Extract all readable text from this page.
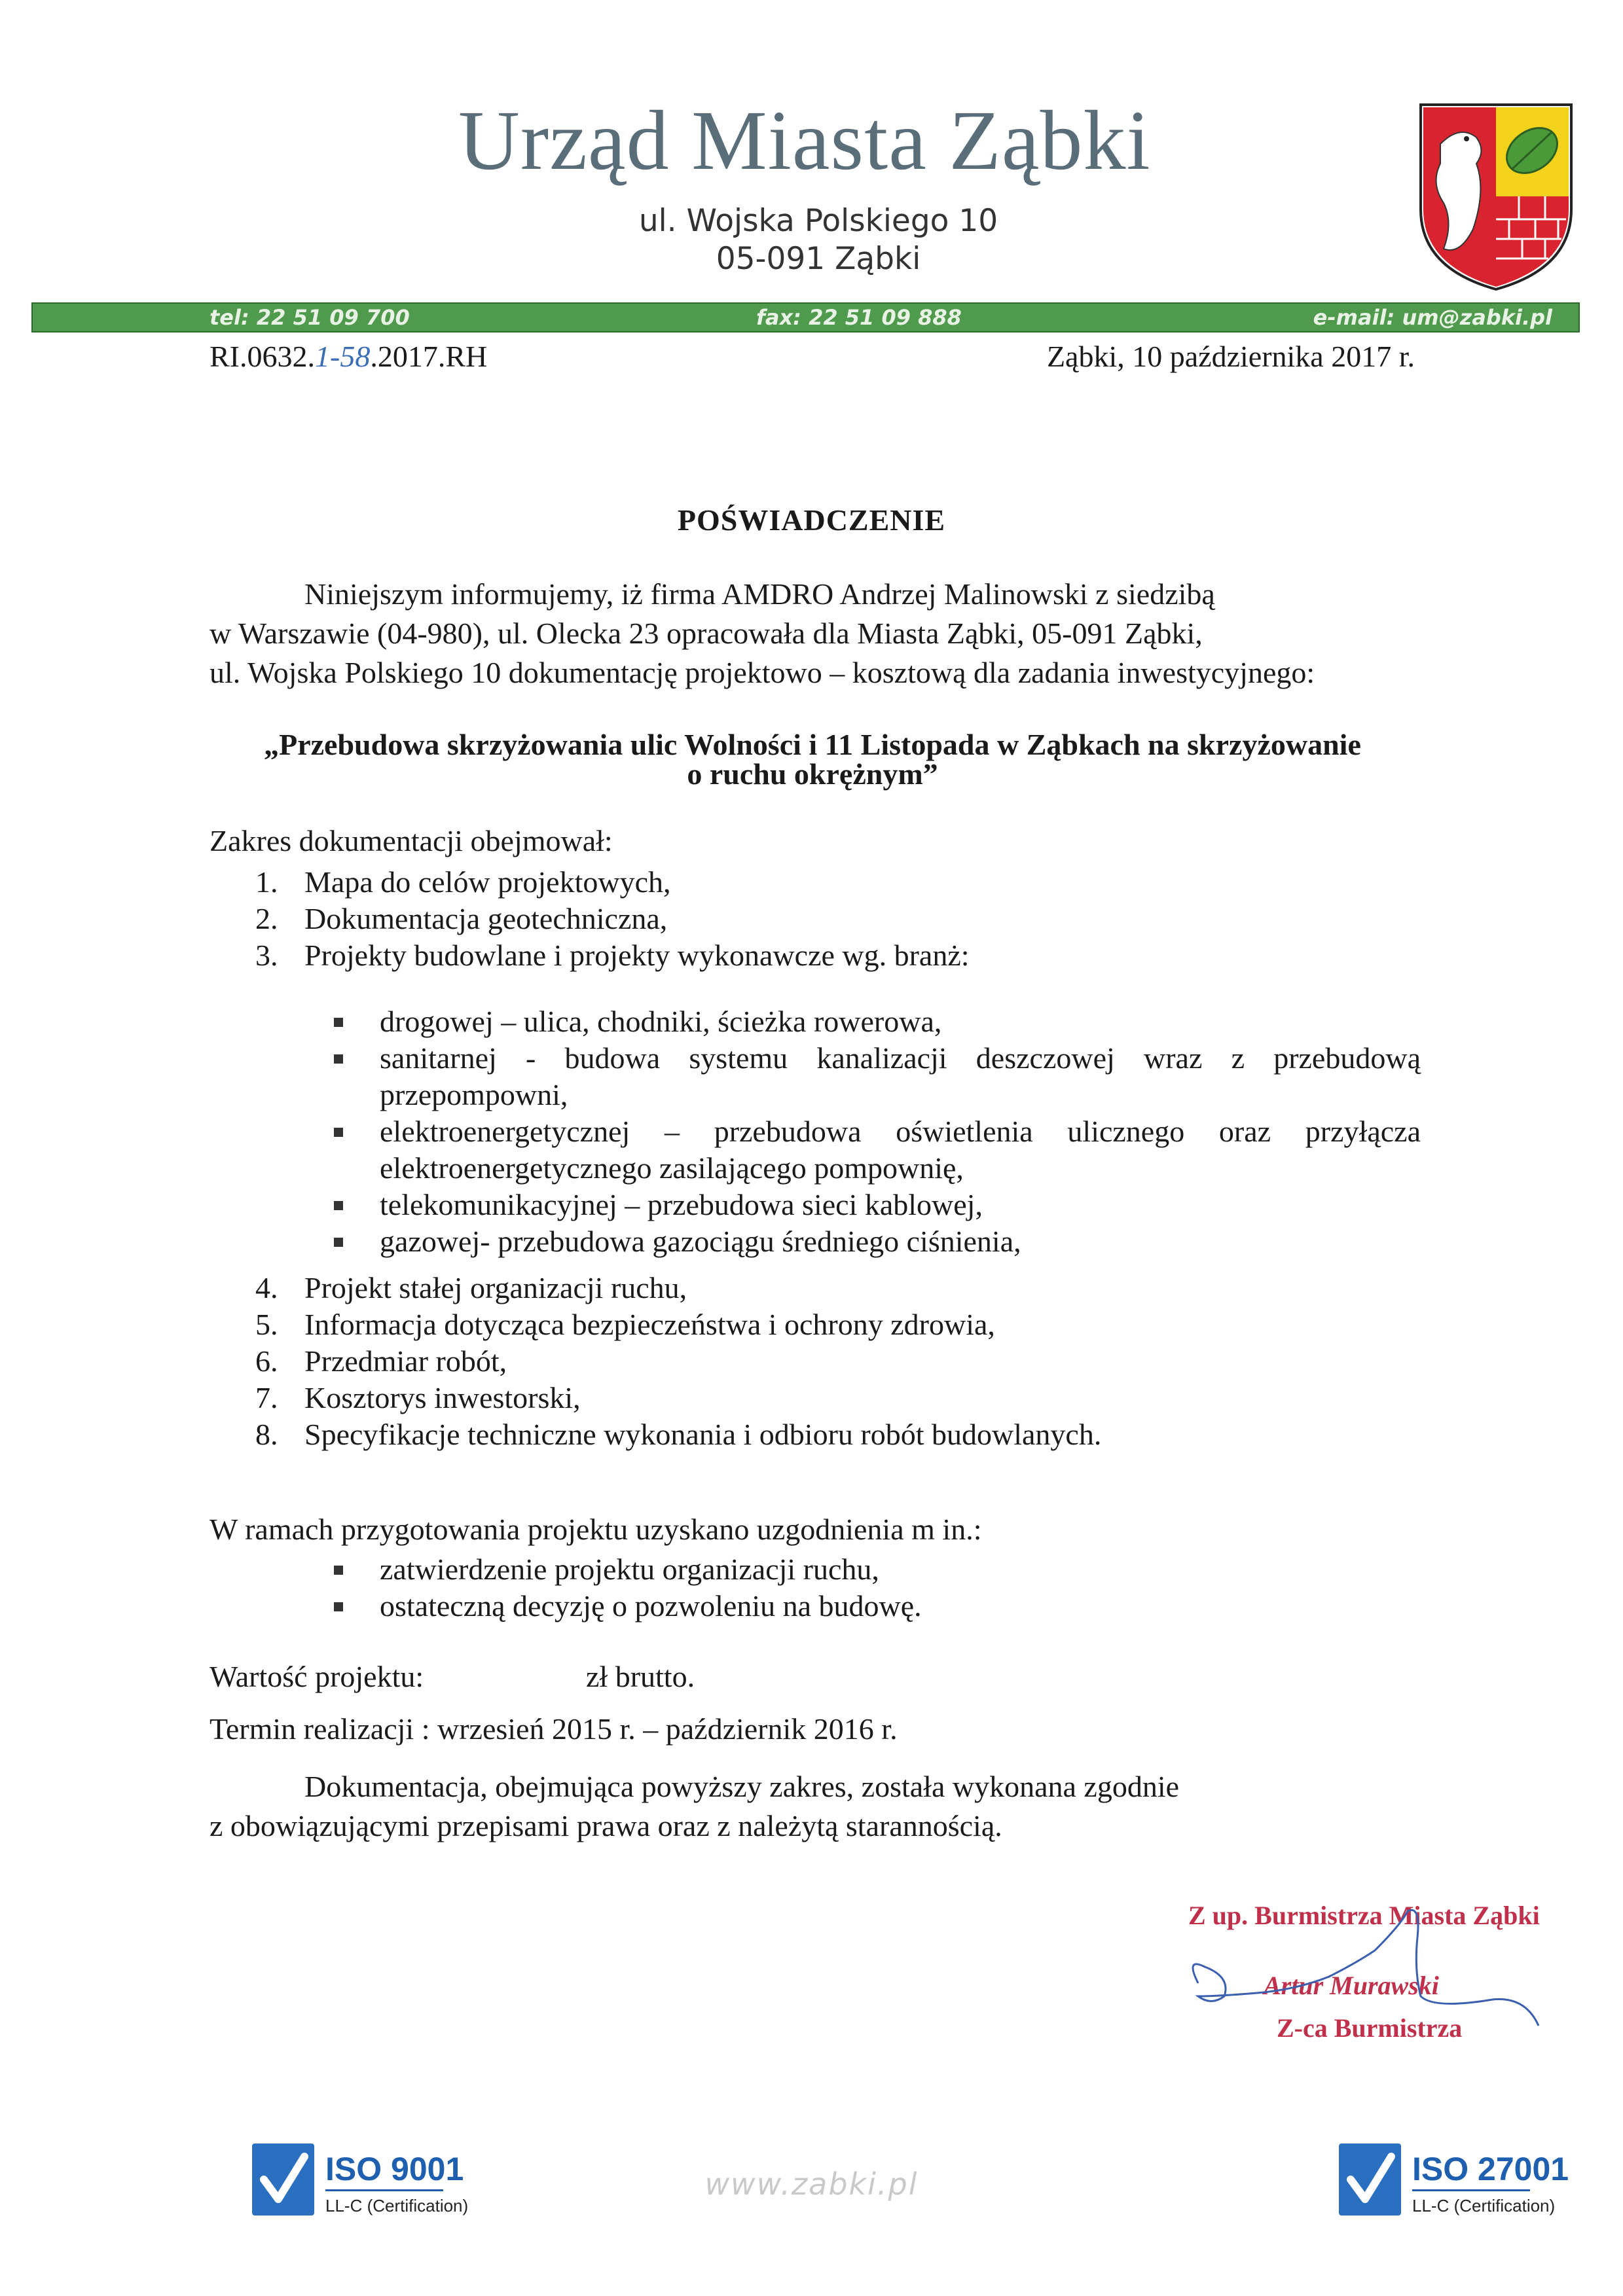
Urząd Miasta Ząbki
ul. Wojska Polskiego 10
05-091 Ząbki
tel: 22 51 09 700	fax: 22 51 09 888	e-mail: um@zabki.pl
RI.0632.1-58.2017.RH	Ząbki, 10 października 2017 r.
POŚWIADCZENIE
Niniejszym informujemy, iż firma AMDRO Andrzej Malinowski z siedzibą
w Warszawie (04-980), ul. Olecka 23 opracowała dla Miasta Ząbki, 05-091 Ząbki,
ul. Wojska Polskiego 10 dokumentację projektowo – kosztową dla zadania inwestycyjnego:
„Przebudowa skrzyżowania ulic Wolności i 11 Listopada w Ząbkach na skrzyżowanie
o ruchu okrężnym”
Zakres dokumentacji obejmował:
1. Mapa do celów projektowych,
2. Dokumentacja geotechniczna,
3. Projekty budowlane i projekty wykonawcze wg. branż:
drogowej – ulica, chodniki, ścieżka rowerowa,
sanitarnej - budowa systemu kanalizacji deszczowej wraz z przebudową przepompowni,
elektroenergetycznej – przebudowa oświetlenia ulicznego oraz przyłącza elektroenergetycznego zasilającego pompownię,
telekomunikacyjnej – przebudowa sieci kablowej,
gazowej- przebudowa gazociągu średniego ciśnienia,
4. Projekt stałej organizacji ruchu,
5. Informacja dotycząca bezpieczeństwa i ochrony zdrowia,
6. Przedmiar robót,
7. Kosztorys inwestorski,
8. Specyfikacje techniczne wykonania i odbioru robót budowlanych.
W ramach przygotowania projektu uzyskano uzgodnienia m in.:
zatwierdzenie projektu organizacji ruchu,
ostateczną decyzję o pozwoleniu na budowę.
Wartość projektu:	zł brutto.
Termin realizacji : wrzesień 2015 r. – październik 2016 r.
Dokumentacja, obejmująca powyższy zakres, została wykonana zgodnie
z obowiązującymi przepisami prawa oraz z należytą starannością.
Z up. Burmistrza Miasta Ząbki
Artur Murawski
Z-ca Burmistrza
ISO 9001
LL-C (Certification)
www.zabki.pl	ISO 27001
LL-C (Certification)
